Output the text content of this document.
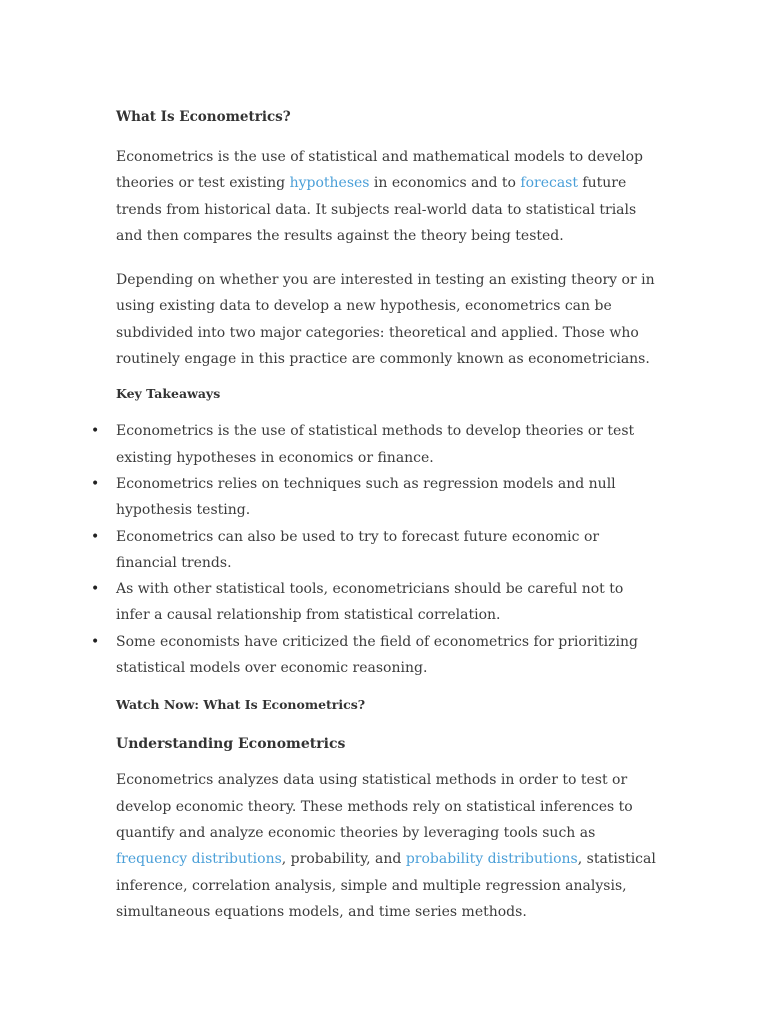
What Is Econometrics?

Econometrics is the use of statistical and mathematical models to develop theories or test existing hypotheses in economics and to forecast future trends from historical data. It subjects real-world data to statistical trials and then compares the results against the theory being tested.

Depending on whether you are interested in testing an existing theory or in using existing data to develop a new hypothesis, econometrics can be subdivided into two major categories: theoretical and applied. Those who routinely engage in this practice are commonly known as econometricians.

Key Takeaways
• Econometrics is the use of statistical methods to develop theories or test existing hypotheses in economics or finance.
• Econometrics relies on techniques such as regression models and null hypothesis testing.
• Econometrics can also be used to try to forecast future economic or financial trends.
• As with other statistical tools, econometricians should be careful not to infer a causal relationship from statistical correlation.
• Some economists have criticized the field of econometrics for prioritizing statistical models over economic reasoning.
Watch Now: What Is Econometrics?
Understanding Econometrics

Econometrics analyzes data using statistical methods in order to test or develop economic theory. These methods rely on statistical inferences to quantify and analyze economic theories by leveraging tools such as frequency distributions, probability, and probability distributions, statistical inference, correlation analysis, simple and multiple regression analysis, simultaneous equations models, and time series methods.
